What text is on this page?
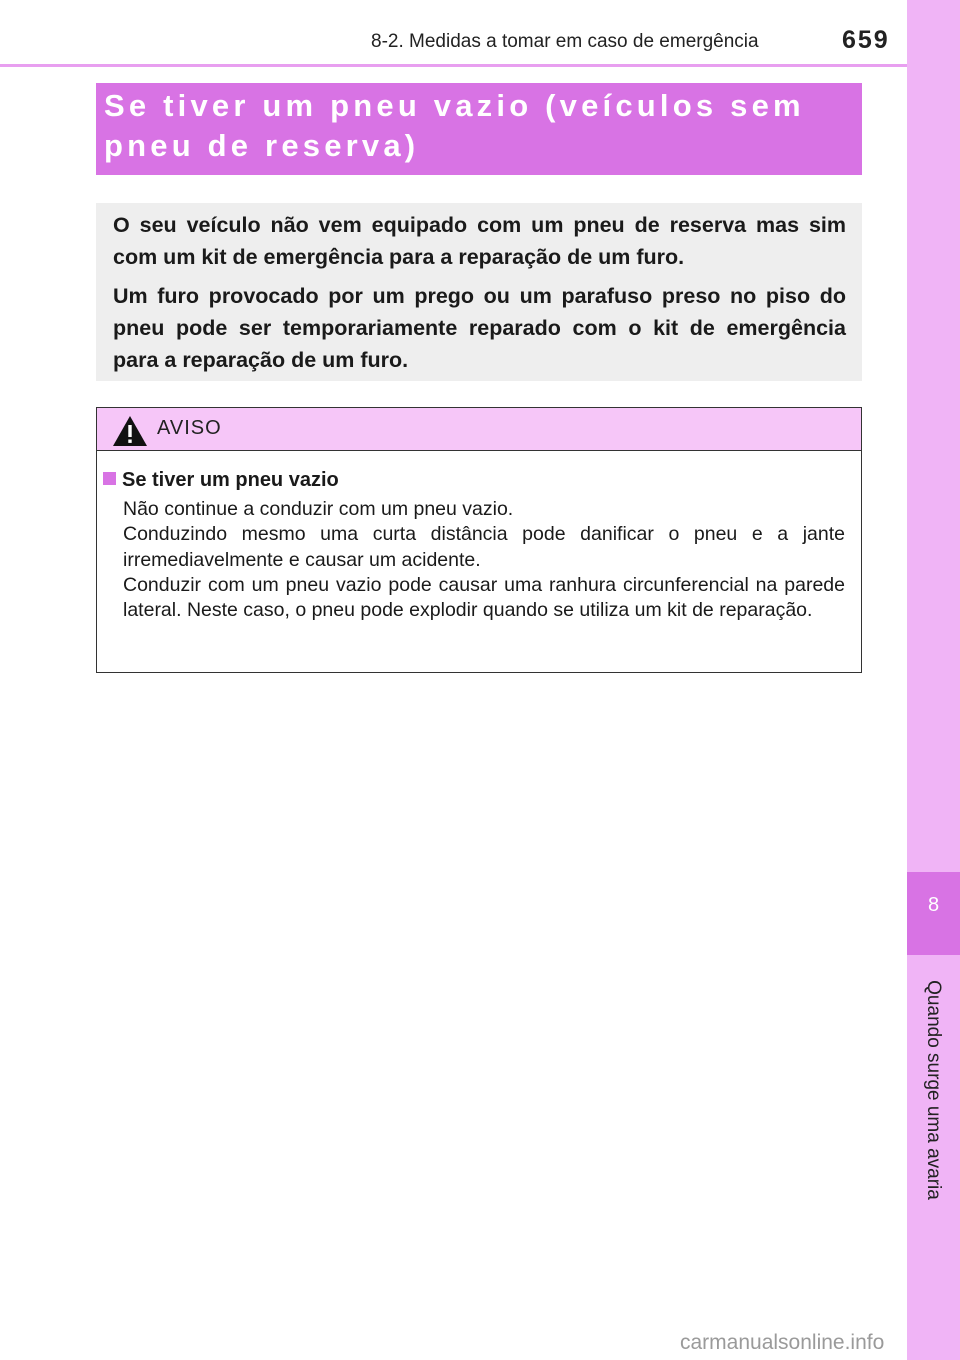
8-2. Medidas a tomar em caso de emergência	659
8
Quando surge uma avaria
Se tiver um pneu vazio (veículos sem pneu de reserva)

O seu veículo não vem equipado com um pneu de reserva mas sim com um kit de emergência para a reparação de um furo.

Um furo provocado por um prego ou um parafuso preso no piso do pneu pode ser temporariamente reparado com o kit de emergência para a reparação de um furo.

AVISO
Se tiver um pneu vazio
Não continue a conduzir com um pneu vazio.
Conduzindo mesmo uma curta distância pode danificar o pneu e a jante irremediavelmente e causar um acidente.
Conduzir com um pneu vazio pode causar uma ranhura circunferencial na parede lateral. Neste caso, o pneu pode explodir quando se utiliza um kit de reparação.
carmanualsonline.info
